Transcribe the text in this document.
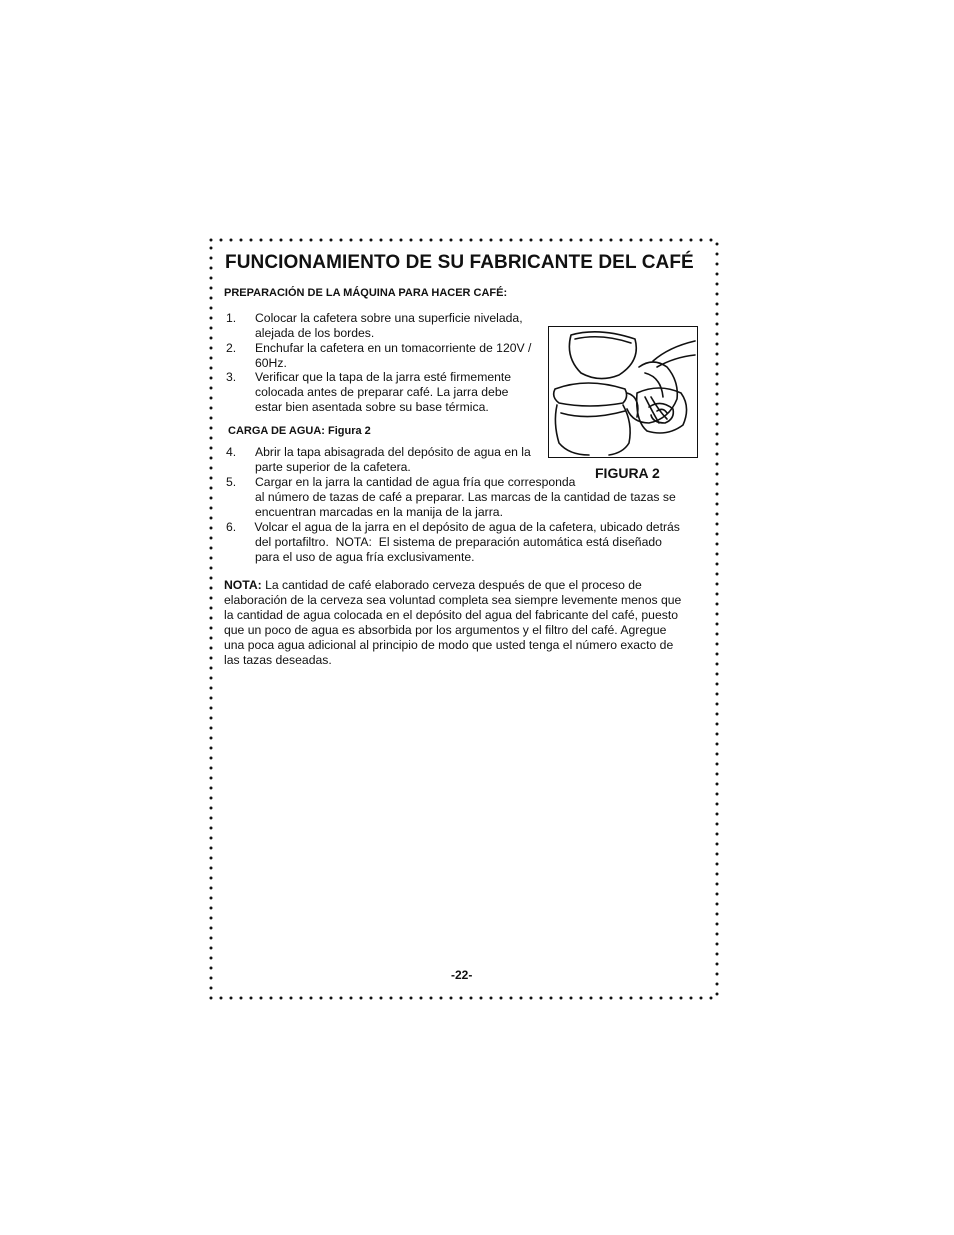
FUNCIONAMIENTO DE SU FABRICANTE DEL CAFÉ
PREPARACIÓN DE LA MÁQUINA PARA HACER CAFÉ:
1. Colocar la cafetera sobre una superficie nivelada,
alejada de los bordes.
2. Enchufar la cafetera en un tomacorriente de 120V /
60Hz.
3. Verificar que la tapa de la jarra esté firmemente
colocada antes de preparar café. La jarra debe
estar bien asentada sobre su base térmica.
CARGA DE AGUA: Figura 2
4. Abrir la tapa abisagrada del depósito de agua en la
parte superior de la cafetera.
5. Cargar en la jarra la cantidad de agua fría que corresponda
al número de tazas de café a preparar. Las marcas de la cantidad de tazas se
encuentran marcadas en la manija de la jarra.
6. Volcar el agua de la jarra en el depósito de agua de la cafetera, ubicado detrás
del portafiltro.  NOTA:  El sistema de preparación automática está diseñado
para el uso de agua fría exclusivamente.
FIGURA 2
NOTA: La cantidad de café elaborado cerveza después de que el proceso de
elaboración de la cerveza sea voluntad completa sea siempre levemente menos que
la cantidad de agua colocada en el depósito del agua del fabricante del café, puesto
que un poco de agua es absorbida por los argumentos y el filtro del café. Agregue
una poca agua adicional al principio de modo que usted tenga el número exacto de
las tazas deseadas.
-22-
